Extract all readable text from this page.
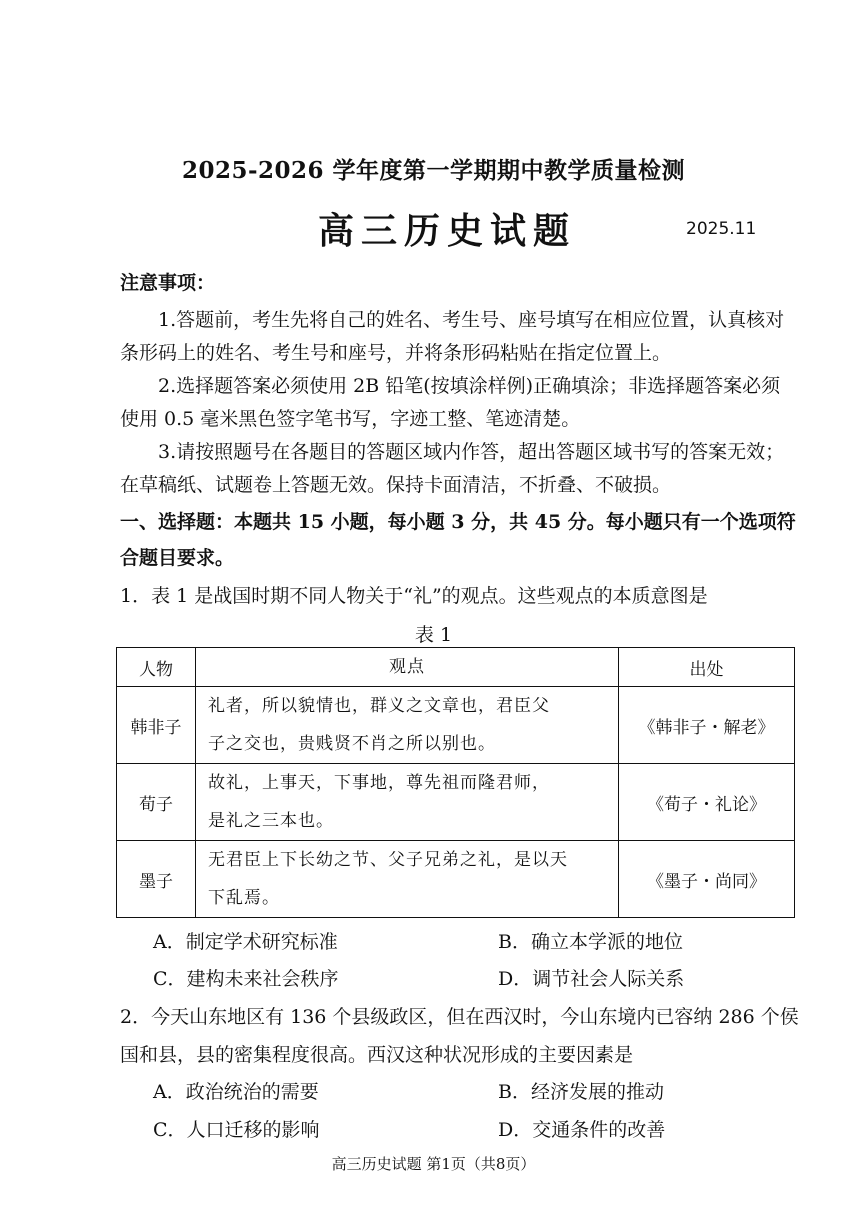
2025-2026 学年度第一学期期中教学质量检测
高三历史试题	2025.11
注意事项：
1.答题前，考生先将自己的姓名、考生号、座号填写在相应位置，认真核对
条形码上的姓名、考生号和座号，并将条形码粘贴在指定位置上。
2.选择题答案必须使用 2B 铅笔(按填涂样例)正确填涂；非选择题答案必须
使用 0.5 毫米黑色签字笔书写，字迹工整、笔迹清楚。
3.请按照题号在各题目的答题区域内作答，超出答题区域书写的答案无效；
在草稿纸、试题卷上答题无效。保持卡面清洁，不折叠、不破损。
一、选择题：本题共 15 小题，每小题 3 分，共 45 分。每小题只有一个选项符
合题目要求。
1．表 1 是战国时期不同人物关于“礼”的观点。这些观点的本质意图是
表 1
人物	观点	出处
韩非子	礼者，所以貌情也，群义之文章也，君臣父
子之交也，贵贱贤不肖之所以别也。	《韩非子・解老》
荀子	故礼，上事天，下事地，尊先祖而隆君师，
是礼之三本也。	《荀子・礼论》
墨子	无君臣上下长幼之节、父子兄弟之礼，是以天
下乱焉。	《墨子・尚同》
A．制定学术研究标准	B．确立本学派的地位
C．建构未来社会秩序	D．调节社会人际关系
2．今天山东地区有 136 个县级政区，但在西汉时，今山东境内已容纳 286 个侯
国和县，县的密集程度很高。西汉这种状况形成的主要因素是
A．政治统治的需要	B．经济发展的推动
C．人口迁移的影响	D．交通条件的改善
高三历史试题 第1页（共8页）
